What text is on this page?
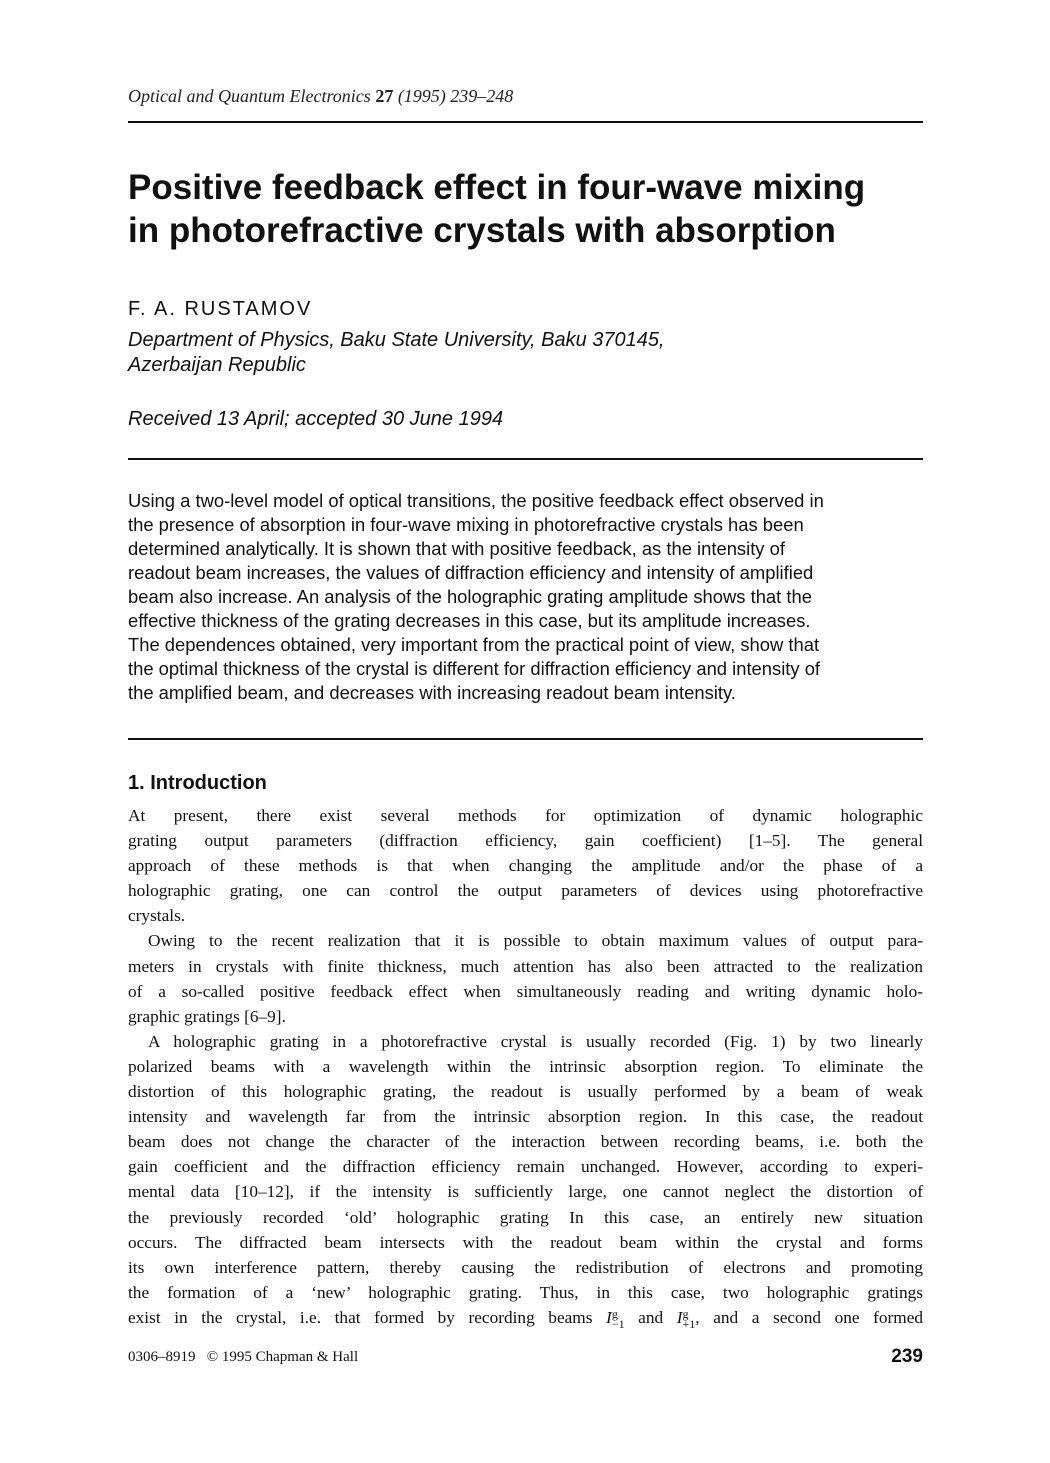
Optical and Quantum Electronics 27 (1995) 239–248
Positive feedback effect in four-wave mixing
in photorefractive crystals with absorption
F. A. RUSTAMOV
Department of Physics, Baku State University, Baku 370145,
Azerbaijan Republic
Received 13 April; accepted 30 June 1994
Using a two-level model of optical transitions, the positive feedback effect observed in
the presence of absorption in four-wave mixing in photorefractive crystals has been
determined analytically. It is shown that with positive feedback, as the intensity of
readout beam increases, the values of diffraction efficiency and intensity of amplified
beam also increase. An analysis of the holographic grating amplitude shows that the
effective thickness of the grating decreases in this case, but its amplitude increases.
The dependences obtained, very important from the practical point of view, show that
the optimal thickness of the crystal is different for diffraction efficiency and intensity of
the amplified beam, and decreases with increasing readout beam intensity.
1. Introduction
At present, there exist several methods for optimization of dynamic holographic
grating output parameters (diffraction efficiency, gain coefficient) [1–5]. The general
approach of these methods is that when changing the amplitude and/or the phase of a
holographic grating, one can control the output parameters of devices using photorefractive
crystals.
Owing to the recent realization that it is possible to obtain maximum values of output para-
meters in crystals with finite thickness, much attention has also been attracted to the realization
of a so-called positive feedback effect when simultaneously reading and writing dynamic holo-
graphic gratings [6–9].
A holographic grating in a photorefractive crystal is usually recorded (Fig. 1) by two linearly
polarized beams with a wavelength within the intrinsic absorption region. To eliminate the
distortion of this holographic grating, the readout is usually performed by a beam of weak
intensity and wavelength far from the intrinsic absorption region. In this case, the readout
beam does not change the character of the interaction between recording beams, i.e. both the
gain coefficient and the diffraction efficiency remain unchanged. However, according to experi-
mental data [10–12], if the intensity is sufficiently large, one cannot neglect the distortion of
the previously recorded ‘old’ holographic grating In this case, an entirely new situation
occurs. The diffracted beam intersects with the readout beam within the crystal and forms
its own interference pattern, thereby causing the redistribution of electrons and promoting
the formation of a ‘new’ holographic grating. Thus, in this case, two holographic gratings
exist in the crystal, i.e. that formed by recording beams I g
−1 and I g
+1 , and a second one formed
0306–8919 © 1995 Chapman & Hall	239
